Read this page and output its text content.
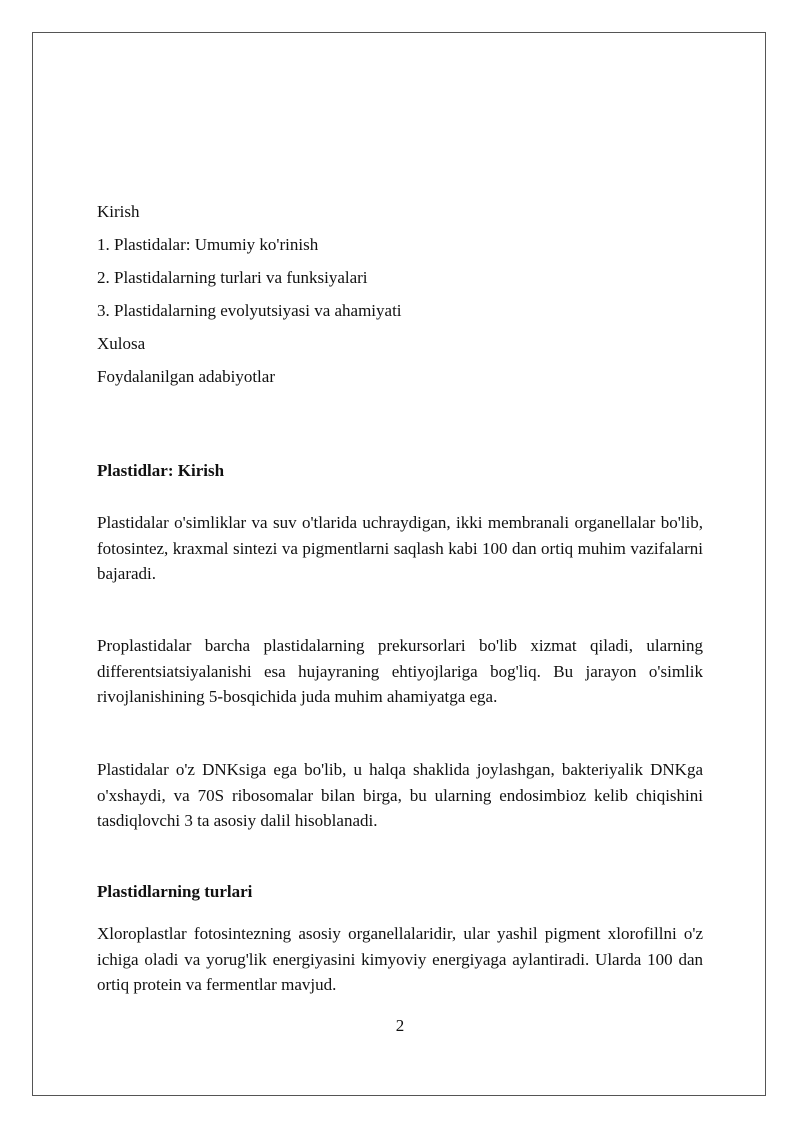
Kirish
1. Plastidalar: Umumiy ko'rinish
2. Plastidalarning turlari va funksiyalari
3. Plastidalarning evolyutsiyasi va ahamiyati
Xulosa
Foydalanilgan adabiyotlar
Plastidlar: Kirish

Plastidalar o'simliklar va suv o'tlarida uchraydigan, ikki membranali organellalar bo'lib, fotosintez, kraxmal sintezi va pigmentlarni saqlash kabi 100 dan ortiq muhim vazifalarni bajaradi.

Proplastidalar barcha plastidalarning prekursorlari bo'lib xizmat qiladi, ularning differentsiatsiyalanishi esa hujayraning ehtiyojlariga bog'liq. Bu jarayon o'simlik rivojlanishining 5-bosqichida juda muhim ahamiyatga ega.

Plastidalar o'z DNKsiga ega bo'lib, u halqa shaklida joylashgan, bakteriyalik DNKga o'xshaydi, va 70S ribosomalar bilan birga, bu ularning endosimbioz kelib chiqishini tasdiqlovchi 3 ta asosiy dalil hisoblanadi.

Plastidlarning turlari

Xloroplastlar fotosintezning asosiy organellalaridir, ular yashil pigment xlorofillni o'z ichiga oladi va yorug'lik energiyasini kimyoviy energiyaga aylantiradi. Ularda 100 dan ortiq protein va fermentlar mavjud.

2
